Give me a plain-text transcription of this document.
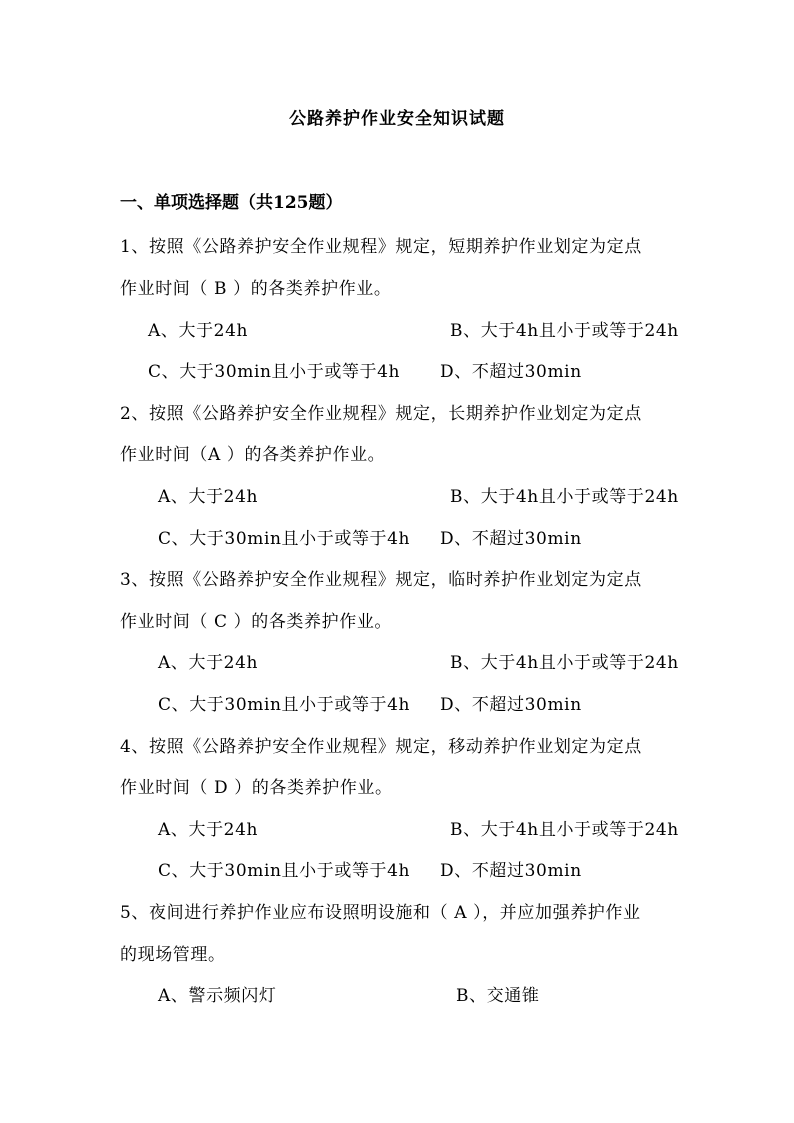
公路养护作业安全知识试题
一、单项选择题（共125题）
1、按照《公路养护安全作业规程》规定，短期养护作业划定为定点
作业时间（ B ）的各类养护作业。
A、大于24h	B、大于4h且小于或等于24h
C、大于30min且小于或等于4h D、不超过30min
2、按照《公路养护安全作业规程》规定，长期养护作业划定为定点
作业时间（A ）的各类养护作业。
A、大于24h	B、大于4h且小于或等于24h
C、大于30min且小于或等于4h D、不超过30min
3、按照《公路养护安全作业规程》规定，临时养护作业划定为定点
作业时间（ C ）的各类养护作业。
A、大于24h	B、大于4h且小于或等于24h
C、大于30min且小于或等于4h D、不超过30min
4、按照《公路养护安全作业规程》规定，移动养护作业划定为定点
作业时间（ D ）的各类养护作业。
A、大于24h	B、大于4h且小于或等于24h
C、大于30min且小于或等于4h D、不超过30min
5、夜间进行养护作业应布设照明设施和（ A ），并应加强养护作业
的现场管理。
A、警示频闪灯	B、交通锥
